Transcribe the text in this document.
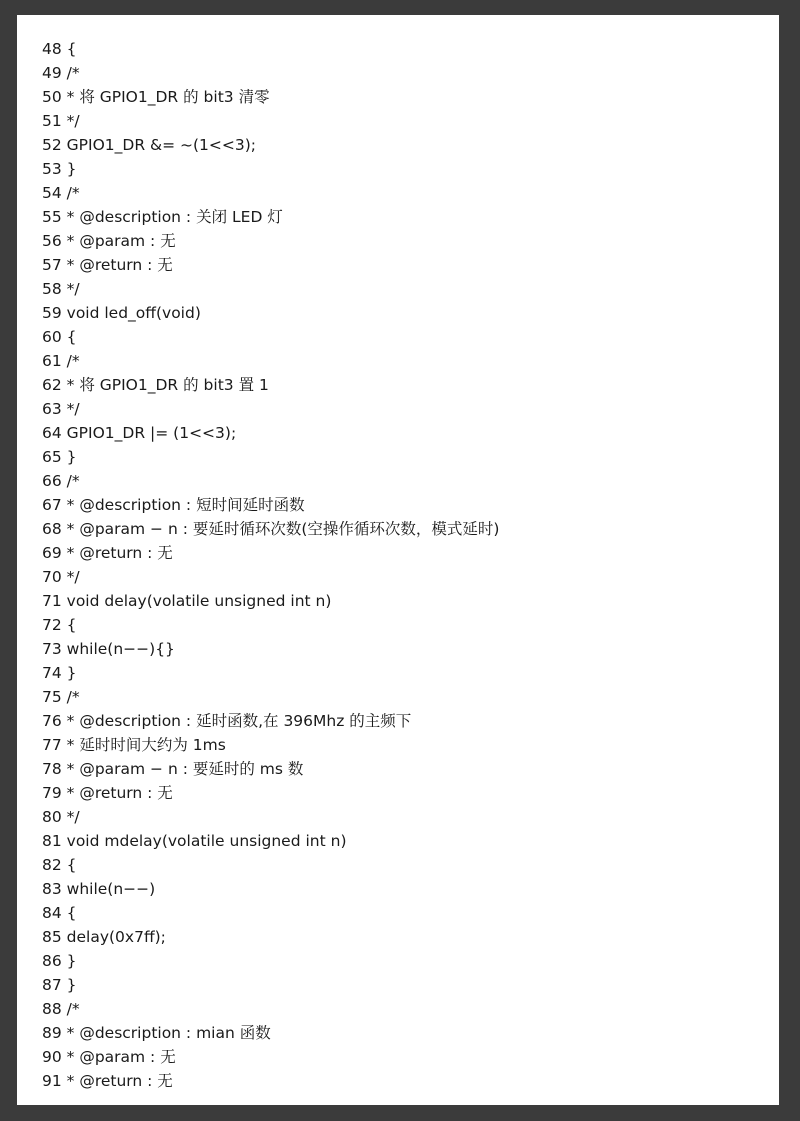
48 {
49 /*
50 * 将 GPIO1_DR 的 bit3 清零
51 */
52 GPIO1_DR &= ~(1<<3);
53 }
54 /*
55 * @description : 关闭 LED 灯
56 * @param : 无
57 * @return : 无
58 */
59 void led_off(void)
60 {
61 /*
62 * 将 GPIO1_DR 的 bit3 置 1
63 */
64 GPIO1_DR |= (1<<3);
65 }
66 /*
67 * @description : 短时间延时函数
68 * @param − n : 要延时循环次数(空操作循环次数，模式延时)
69 * @return : 无
70 */
71 void delay(volatile unsigned int n)
72 {
73 while(n−−){}
74 }
75 /*
76 * @description : 延时函数,在 396Mhz 的主频下
77 * 延时时间大约为 1ms
78 * @param − n : 要延时的 ms 数
79 * @return : 无
80 */
81 void mdelay(volatile unsigned int n)
82 {
83 while(n−−)
84 {
85 delay(0x7ff);
86 }
87 }
88 /*
89 * @description : mian 函数
90 * @param : 无
91 * @return : 无
